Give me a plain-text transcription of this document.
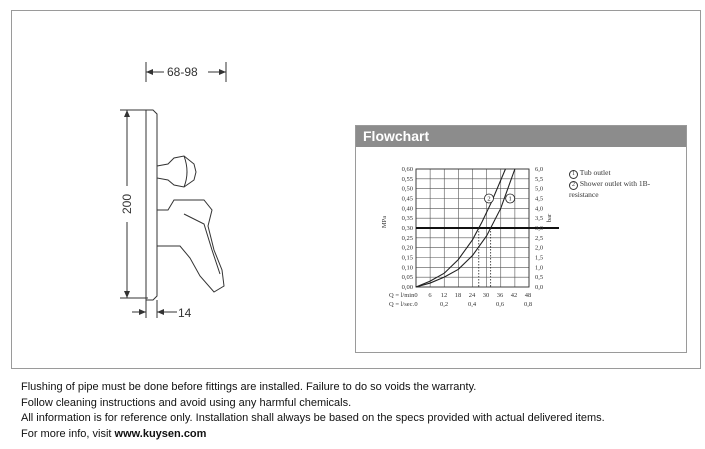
68-98
200
14
Flowchart
1
2
0,00	0,0
0,05	0,5
0,10	1,0
0,15	1,5
0,20	2,0
0,25	2,5
0,30	3,0
0,35	3,5
0,40	4,0
0,45	4,5
0,50	5,0
0,55	5,5
0,60	6,0
MPa	bar
Q = l/min 0 6 12 18 24 30 36 42 48
Q = l/sec. 0	0,2	0,4	0,6	0,8
1 Tub outlet
2 Shower outlet with 1B-resistance
Flushing of pipe must be done before fittings are installed. Failure to do so voids the warranty.
Follow cleaning instructions and avoid using any harmful chemicals.
All information is for reference only. Installation shall always be based on the specs provided with actual delivered items.
For more info, visit www.kuysen.com
